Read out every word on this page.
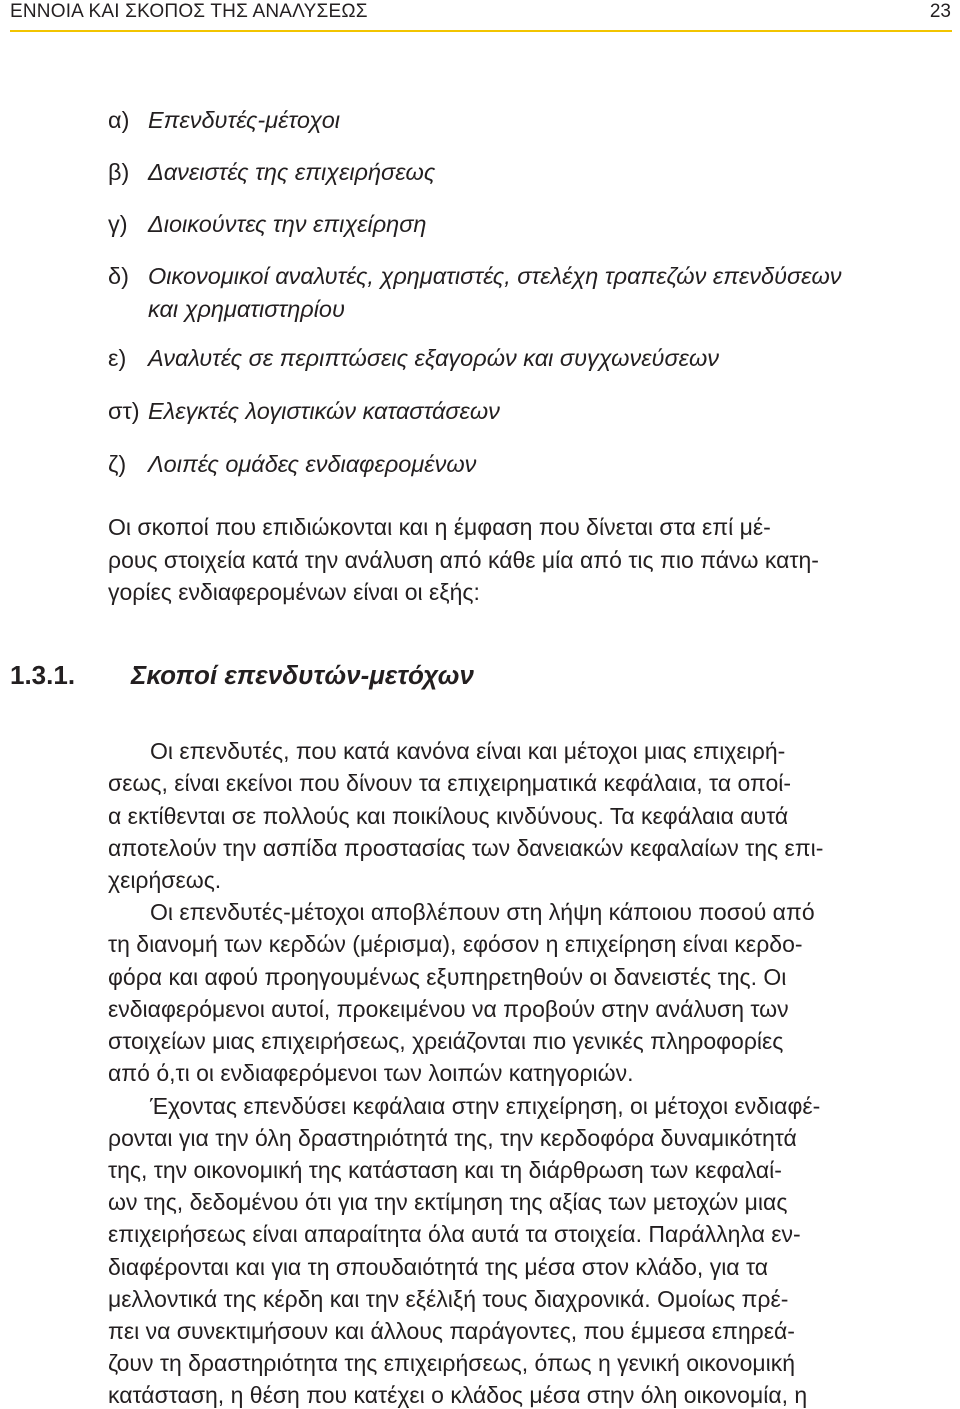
ΕΝΝΟΙΑ ΚΑΙ ΣΚΟΠΟΣ ΤΗΣ ΑΝΑΛΥΣΕΩΣ	23
α) Επενδυτές-μέτοχοι
β) Δανειστές της επιχειρήσεως
γ) Διοικούντες την επιχείρηση
δ) Οικονομικοί αναλυτές, χρηματιστές, στελέχη τραπεζών επενδύσεων
και χρηματιστηρίου
ε) Αναλυτές σε περιπτώσεις εξαγορών και συγχωνεύσεων
στ) Ελεγκτές λογιστικών καταστάσεων
ζ) Λοιπές ομάδες ενδιαφερομένων
Οι σκοποί που επιδιώκονται και η έμφαση που δίνεται στα επί μέ-
ρους στοιχεία κατά την ανάλυση από κάθε μία από τις πιο πάνω κατη-
γορίες ενδιαφερομένων είναι οι εξής:
1.3.1. Σκοποί επενδυτών-μετόχων
Οι επενδυτές, που κατά κανόνα είναι και μέτοχοι μιας επιχειρή-
σεως, είναι εκείνοι που δίνουν τα επιχειρηματικά κεφάλαια, τα οποί-
α εκτίθενται σε πολλούς και ποικίλους κινδύνους. Τα κεφάλαια αυτά
αποτελούν την ασπίδα προστασίας των δανειακών κεφαλαίων της επι-
χειρήσεως.
Οι επενδυτές-μέτοχοι αποβλέπουν στη λήψη κάποιου ποσού από
τη διανομή των κερδών (μέρισμα), εφόσον η επιχείρηση είναι κερδο-
φόρα και αφού προηγουμένως εξυπηρετηθούν οι δανειστές της. Οι
ενδιαφερόμενοι αυτοί, προκειμένου να προβούν στην ανάλυση των
στοιχείων μιας επιχειρήσεως, χρειάζονται πιο γενικές πληροφορίες
από ό,τι οι ενδιαφερόμενοι των λοιπών κατηγοριών.
Έχοντας επενδύσει κεφάλαια στην επιχείρηση, οι μέτοχοι ενδιαφέ-
ρονται για την όλη δραστηριότητά της, την κερδοφόρα δυναμικότητά
της, την οικονομική της κατάσταση και τη διάρθρωση των κεφαλαί-
ων της, δεδομένου ότι για την εκτίμηση της αξίας των μετοχών μιας
επιχειρήσεως είναι απαραίτητα όλα αυτά τα στοιχεία. Παράλληλα εν-
διαφέρονται και για τη σπουδαιότητά της μέσα στον κλάδο, για τα
μελλοντικά της κέρδη και την εξέλιξή τους διαχρονικά. Ομοίως πρέ-
πει να συνεκτιμήσουν και άλλους παράγοντες, που έμμεσα επηρεά-
ζουν τη δραστηριότητα της επιχειρήσεως, όπως η γενική οικονομική
κατάσταση, η θέση που κατέχει ο κλάδος μέσα στην όλη οικονομία, η
